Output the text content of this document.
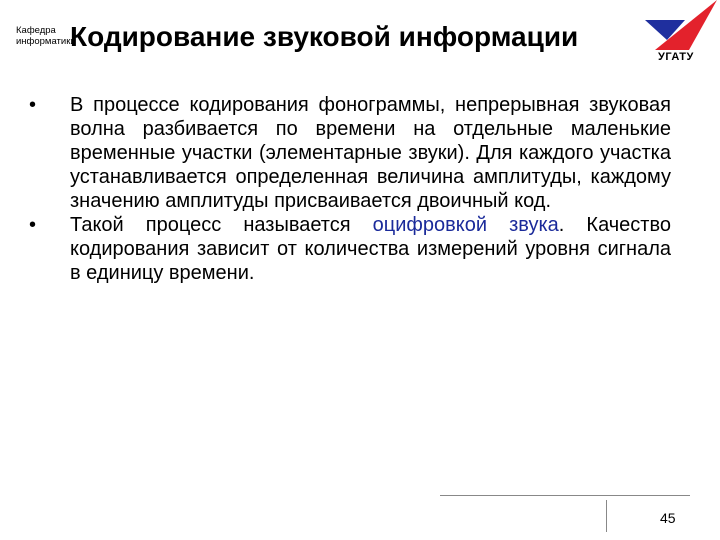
Кафедра
информатики
Кодирование звуковой информации
УГАТУ
•	В процессе кодирования фонограммы, непрерывная звуковая волна разбивается по времени на отдельные маленькие временные участки (элементарные звуки). Для каждого участка устанавливается определенная величина амплитуды, каждому значению амплитуды присваивается двоичный код.
•	Такой процесс называется оцифровкой звука. Качество кодирования зависит от количества измерений уровня сигнала в единицу времени.
45
